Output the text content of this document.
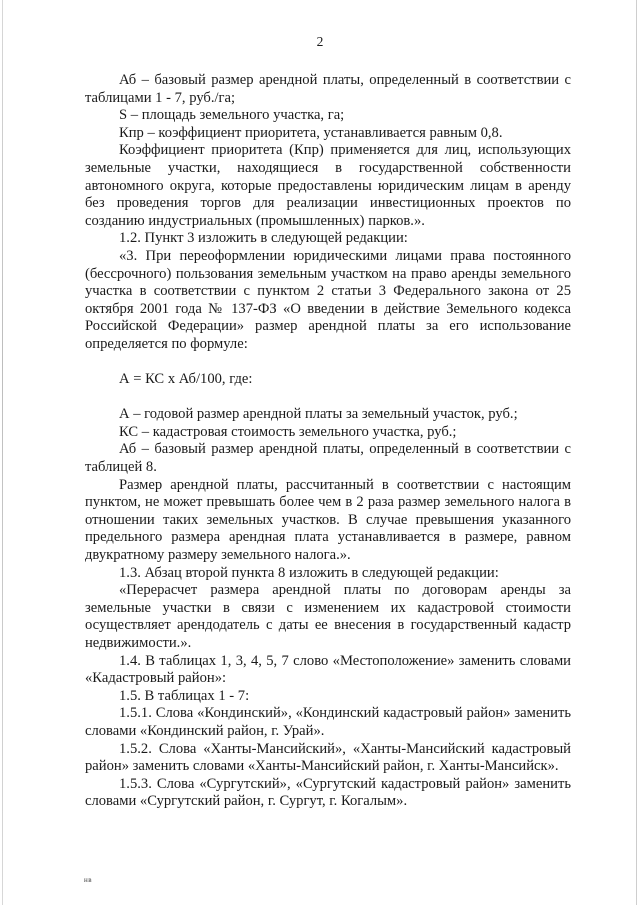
2

Аб – базовый размер арендной платы, определенный в соответствии с таблицами 1 - 7, руб./га;

S – площадь земельного участка, га;

Кпр – коэффициент приоритета, устанавливается равным 0,8.

Коэффициент приоритета (Кпр) применяется для лиц, использующих земельные участки, находящиеся в государственной собственности автономного округа, которые предоставлены юридическим лицам в аренду без проведения торгов для реализации инвестиционных проектов по созданию индустриальных (промышленных) парков.».

1.2. Пункт 3 изложить в следующей редакции:

«3. При переоформлении юридическими лицами права постоянного (бессрочного) пользования земельным участком на право аренды земельного участка в соответствии с пунктом 2 статьи 3 Федерального закона от 25 октября 2001 года № 137-ФЗ «О введении в действие Земельного кодекса Российской Федерации» размер арендной платы за его использование определяется по формуле:

А = КС х Аб/100, где:

А – годовой размер арендной платы за земельный участок, руб.;

КС – кадастровая стоимость земельного участка, руб.;

Аб – базовый размер арендной платы, определенный в соответствии с таблицей 8.

Размер арендной платы, рассчитанный в соответствии с настоящим пунктом, не может превышать более чем в 2 раза размер земельного налога в отношении таких земельных участков. В случае превышения указанного предельного размера арендная плата устанавливается в размере, равном двукратному размеру земельного налога.».

1.3. Абзац второй пункта 8 изложить в следующей редакции:

«Перерасчет размера арендной платы по договорам аренды за земельные участки в связи с изменением их кадастровой стоимости осуществляет арендодатель с даты ее внесения в государственный кадастр недвижимости.».

1.4. В таблицах 1, 3, 4, 5, 7 слово «Местоположение» заменить словами «Кадастровый район»:

1.5. В таблицах 1 - 7:

1.5.1. Слова «Кондинский», «Кондинский кадастровый район» заменить словами «Кондинский район, г. Урай».

1.5.2. Слова «Ханты-Мансийский», «Ханты-Мансийский кадастровый район» заменить словами «Ханты-Мансийский район, г. Ханты-Мансийск».

1.5.3. Слова «Сургутский», «Сургутский кадастровый район» заменить словами «Сургутский район, г. Сургут, г. Когалым».

нв
